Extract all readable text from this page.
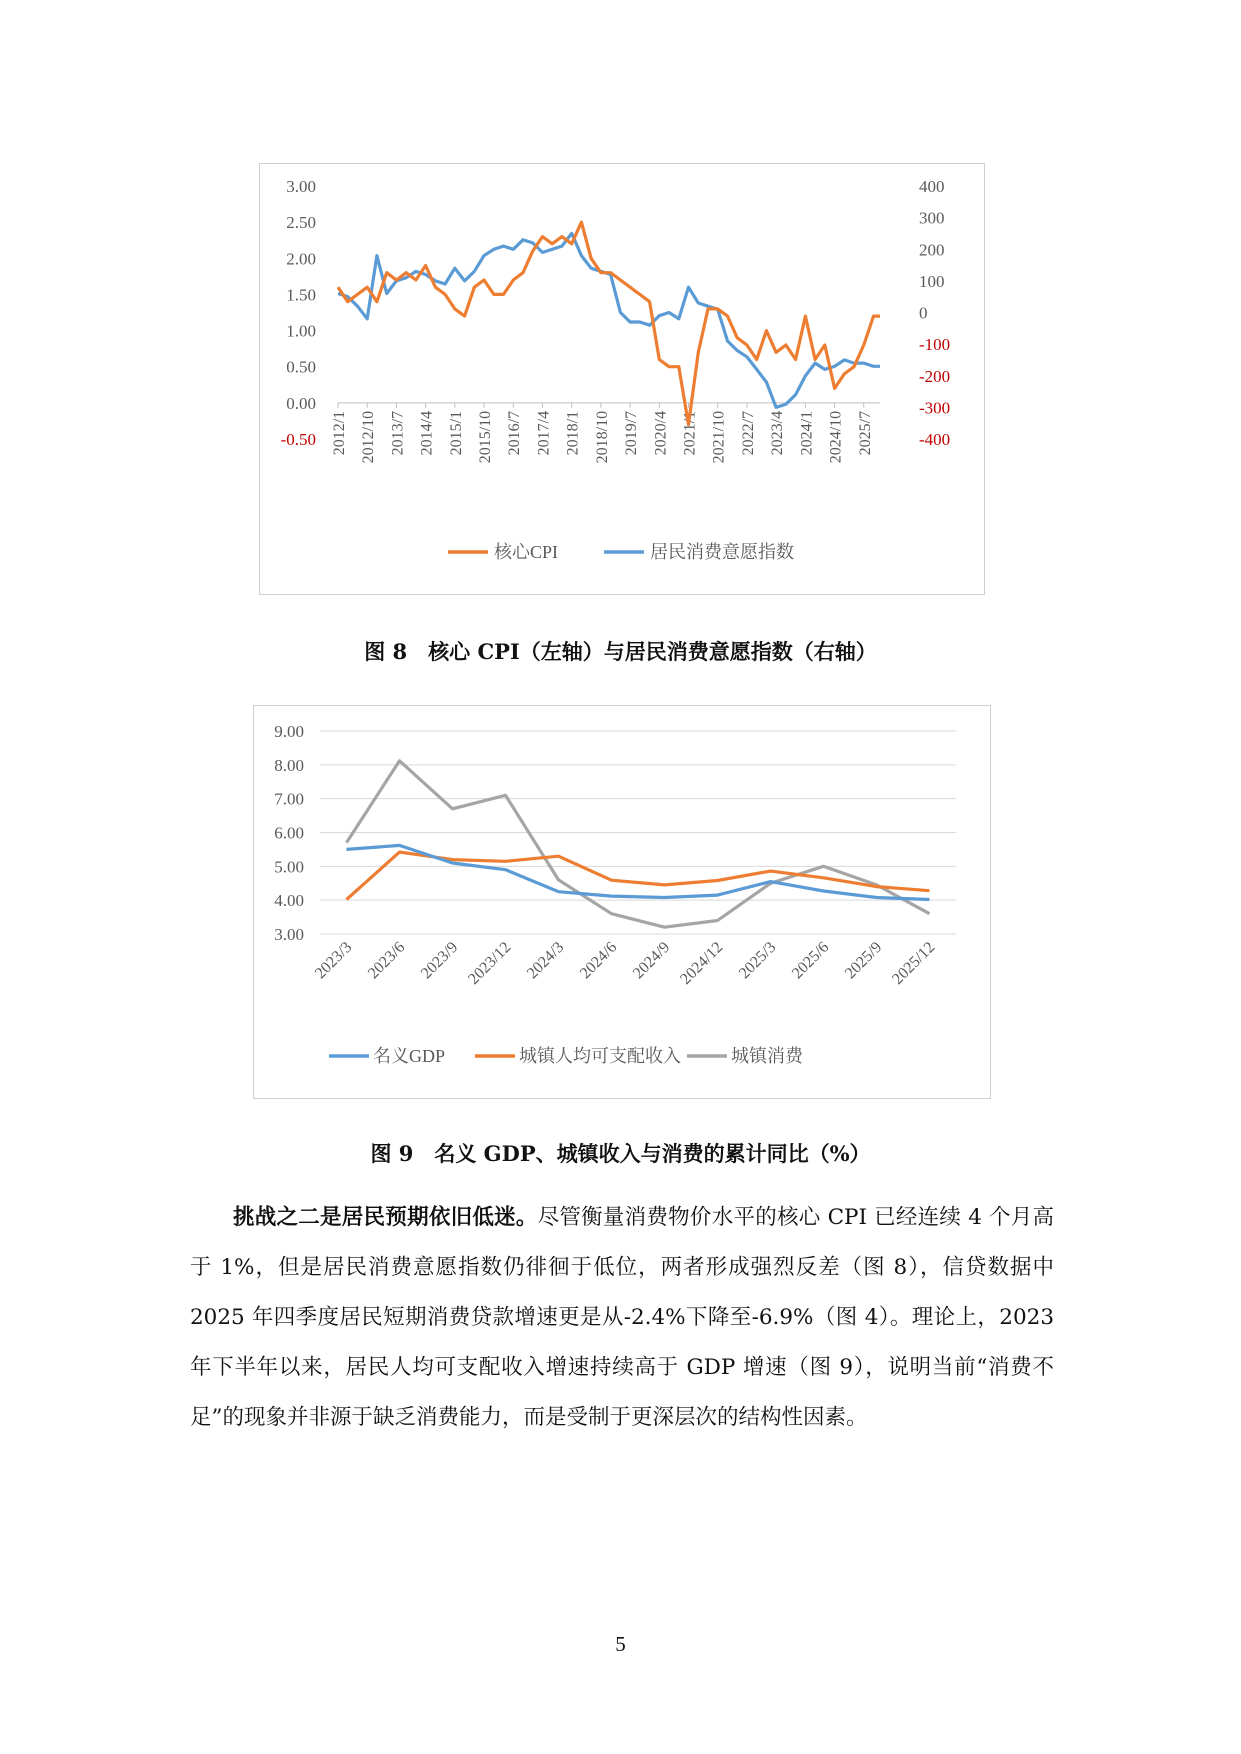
3.00
2.50
2.00
1.50
1.00
0.50
0.00
-0.50
400
300
200
100
0
-100
-200
-300
-400
2012/1 2012/10 2013/7 2014/4 2015/1 2015/10 2016/7 2017/4 2018/1 2018/10 2019/7 2020/4 2021/1 2021/10 2022/7 2023/4 2024/1 2024/10 2025/7
核心CPI	居民消费意愿指数
图 8　核心 CPI（左轴）与居民消费意愿指数（右轴）
9.00
8.00
7.00
6.00
5.00
4.00
3.00
2023/3 2023/6 2023/9 2023/12 2024/3 2024/6 2024/9 2024/12 2025/3 2025/6 2025/9 2025/12
名义GDP	城镇人均可支配收入	城镇消费
图 9　名义 GDP、城镇收入与消费的累计同比（%）

挑战之二是居民预期依旧低迷。尽管衡量消费物价水平的核心 CPI 已经连续 4 个月高于 1%，但是居民消费意愿指数仍徘徊于低位，两者形成强烈反差（图 8），信贷数据中 2025 年四季度居民短期消费贷款增速更是从-2.4%下降至-6.9%（图 4）。理论上，2023 年下半年以来，居民人均可支配收入增速持续高于 GDP 增速（图 9），说明当前“消费不足”的现象并非源于缺乏消费能力，而是受制于更深层次的结构性因素。

5
